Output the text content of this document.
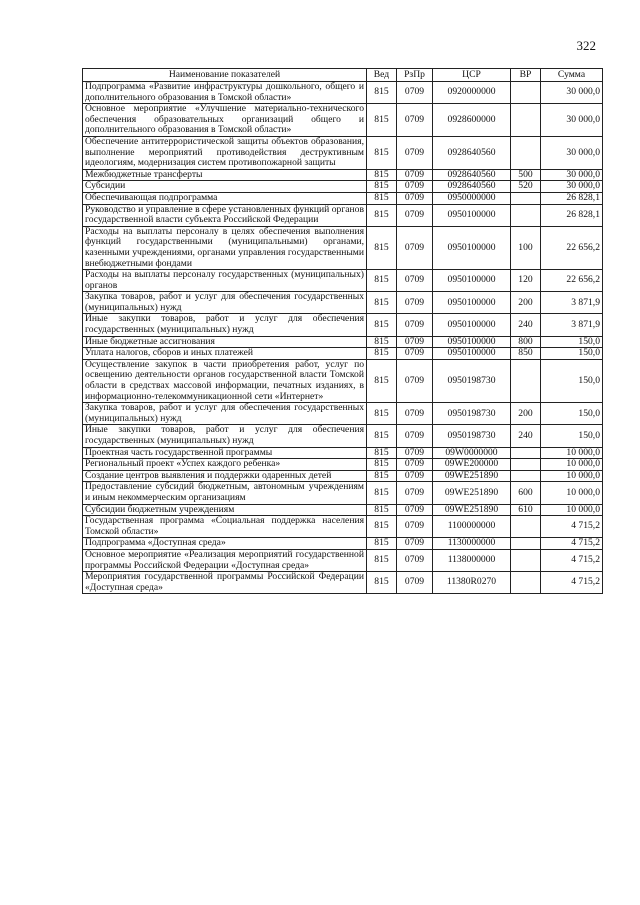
322
Наименование показателей	Вед	РзПр	ЦСР	ВР	Сумма
Подпрограмма «Развитие инфраструктуры дошкольного, общего и дополнительного образования в Томской области»	815	0709	0920000000		30 000,0
Основное мероприятие «Улучшение материально-технического обеспечения образовательных организаций общего и дополнительного образования в Томской области»	815	0709	0928600000		30 000,0
Обеспечение антитеррористической защиты объектов образования, выполнение мероприятий противодействия деструктивным идеологиям, модернизация систем противопожарной защиты	815	0709	0928640560		30 000,0
Межбюджетные трансферты	815	0709	0928640560	500	30 000,0
Субсидии	815	0709	0928640560	520	30 000,0
Обеспечивающая подпрограмма	815	0709	0950000000		26 828,1
Руководство и управление в сфере установленных функций органов государственной власти субъекта Российской Федерации	815	0709	0950100000		26 828,1
Расходы на выплаты персоналу в целях обеспечения выполнения функций государственными (муниципальными) органами, казенными учреждениями, органами управления государственными внебюджетными фондами	815	0709	0950100000	100	22 656,2
Расходы на выплаты персоналу государственных (муниципальных) органов	815	0709	0950100000	120	22 656,2
Закупка товаров, работ и услуг для обеспечения государственных (муниципальных) нужд	815	0709	0950100000	200	3 871,9
Иные закупки товаров, работ и услуг для обеспечения государственных (муниципальных) нужд	815	0709	0950100000	240	3 871,9
Иные бюджетные ассигнования	815	0709	0950100000	800	150,0
Уплата налогов, сборов и иных платежей	815	0709	0950100000	850	150,0
Осуществление закупок в части приобретения работ, услуг по освещению деятельности органов государственной власти Томской области в средствах массовой информации, печатных изданиях, в информационно-телекоммуникационной сети «Интернет»	815	0709	0950198730		150,0
Закупка товаров, работ и услуг для обеспечения государственных (муниципальных) нужд	815	0709	0950198730	200	150,0
Иные закупки товаров, работ и услуг для обеспечения государственных (муниципальных) нужд	815	0709	0950198730	240	150,0
Проектная часть государственной программы	815	0709	09W0000000		10 000,0
Региональный проект «Успех каждого ребенка»	815	0709	09WE200000		10 000,0
Создание центров выявления и поддержки одаренных детей	815	0709	09WE251890		10 000,0
Предоставление субсидий бюджетным, автономным учреждениям и иным некоммерческим организациям	815	0709	09WE251890	600	10 000,0
Субсидии бюджетным учреждениям	815	0709	09WE251890	610	10 000,0
Государственная программа «Социальная поддержка населения Томской области»	815	0709	1100000000		4 715,2
Подпрограмма «Доступная среда»	815	0709	1130000000		4 715,2
Основное мероприятие «Реализация мероприятий государственной программы Российской Федерации «Доступная среда»	815	0709	1138000000		4 715,2
Мероприятия государственной программы Российской Федерации «Доступная среда»	815	0709	11380R0270		4 715,2
